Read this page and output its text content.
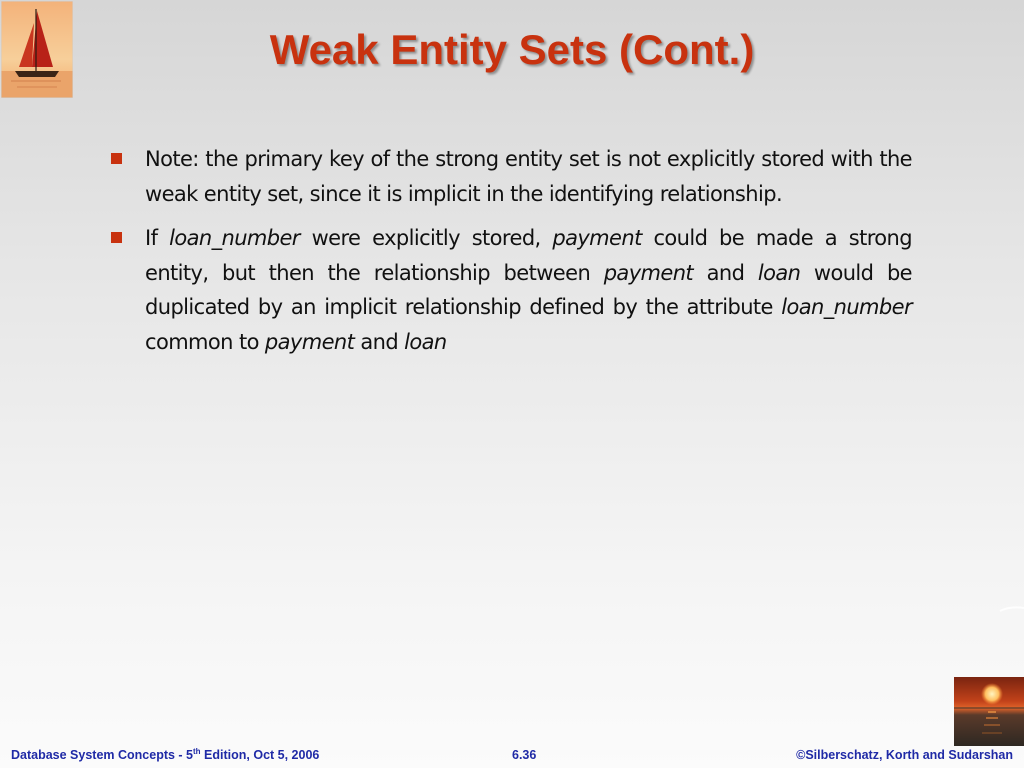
Weak Entity Sets (Cont.)
Note: the primary key of the strong entity set is not explicitly stored with the weak entity set, since it is implicit in the identifying relationship.
If loan_number were explicitly stored, payment could be made a strong entity, but then the relationship between payment and loan would be duplicated by an implicit relationship defined by the attribute loan_number common to payment and loan
Database System Concepts - 5th Edition, Oct 5, 2006	6.36	©Silberschatz, Korth and Sudarshan
